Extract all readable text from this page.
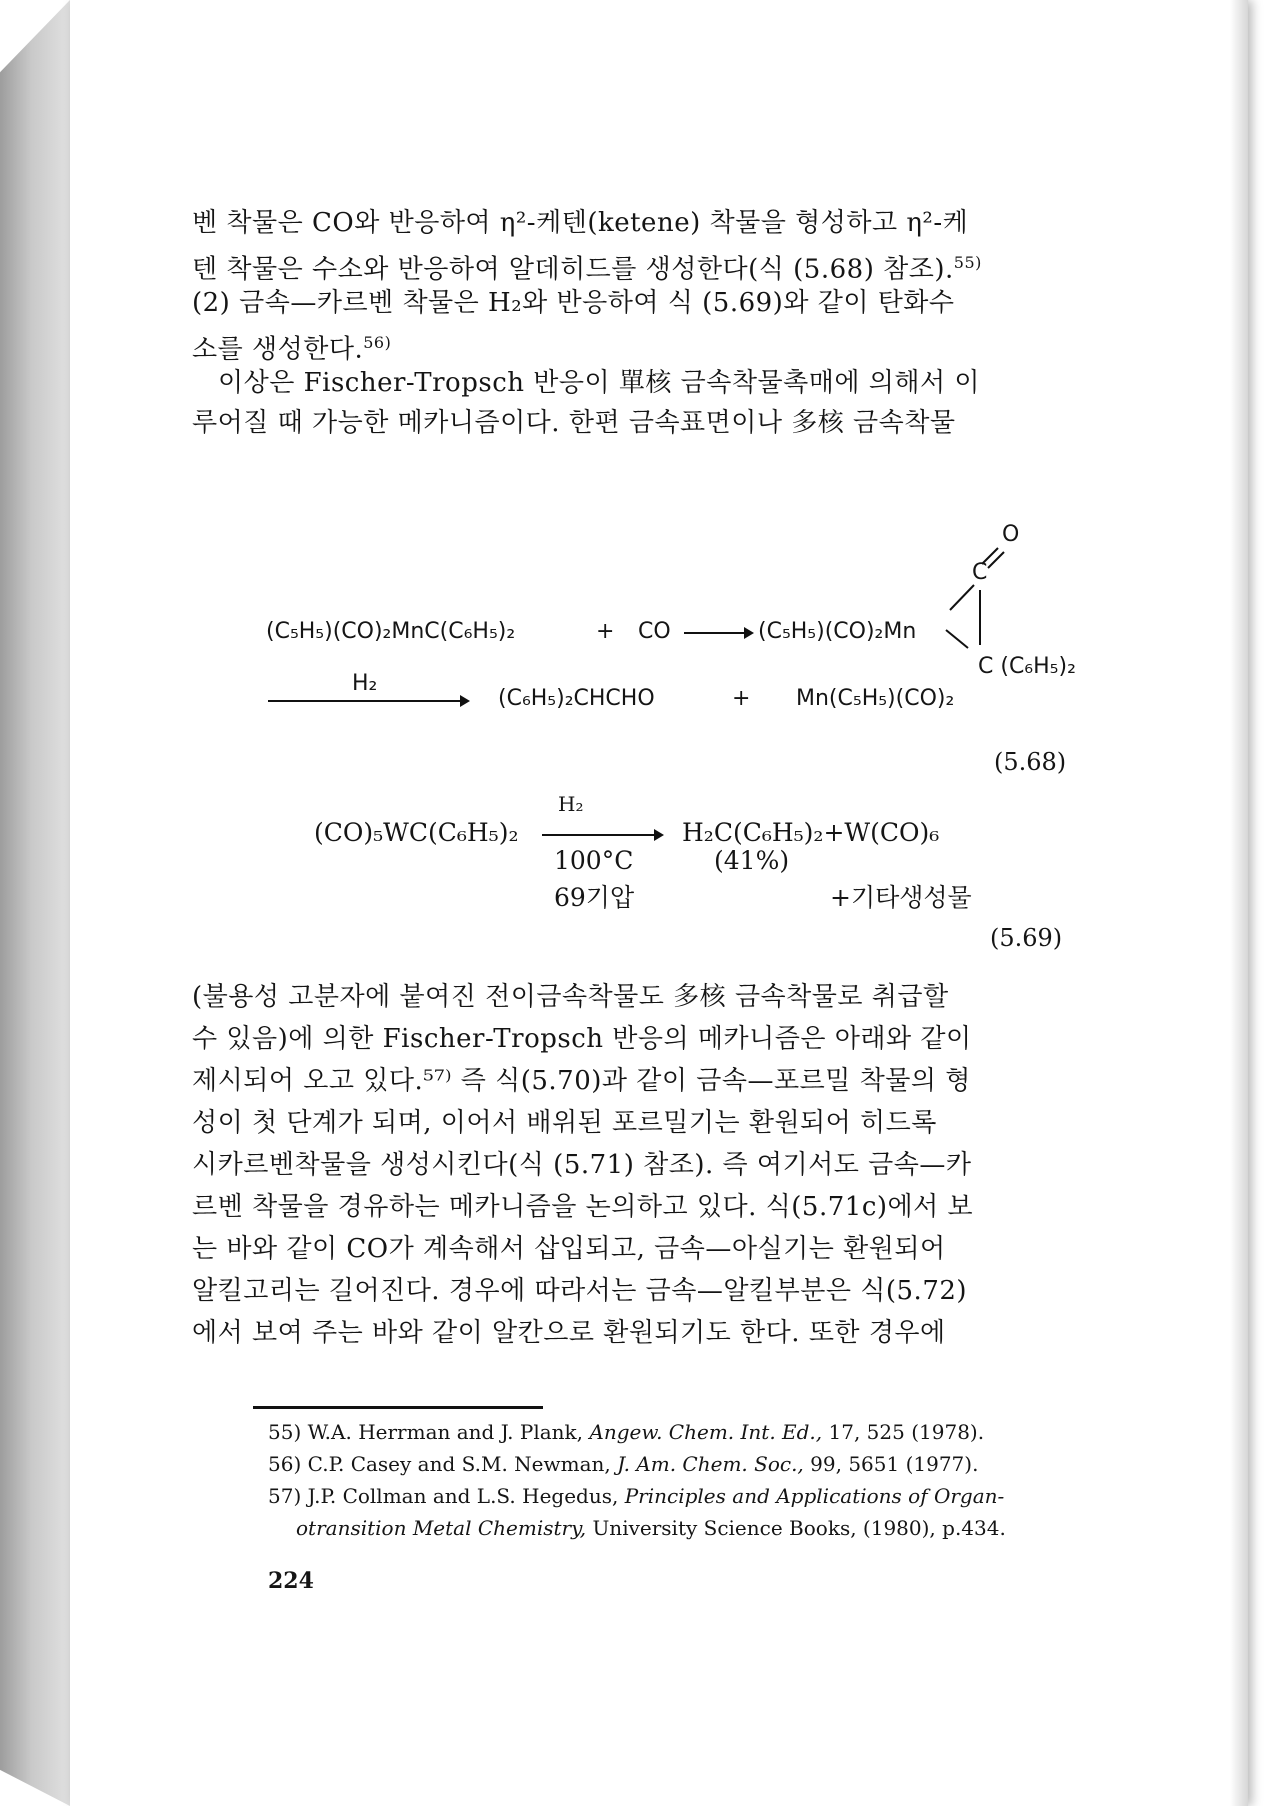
벤 착물은 CO와 반응하여 η²-케텐(ketene) 착물을 형성하고 η²-케
텐 착물은 수소와 반응하여 알데히드를 생성한다(식 (5.68) 참조).$^{55)}$
(2) 금속—카르벤 착물은 H₂와 반응하여 식 (5.69)와 같이 탄화수
소를 생성한다.$^{56)}$
이상은 Fischer-Tropsch 반응이 單核 금속착물촉매에 의해서 이
루어질 때 가능한 메카니즘이다. 한편 금속표면이나 多核 금속착물
O
C
(C₅H₅)(CO)₂MnC(C₆H₅)₂	+ CO	(C₅H₅)(CO)₂Mn
C (C₆H₅)₂
H₂
(C₆H₅)₂CHCHO	+ Mn(C₅H₅)(CO)₂
(5.68)
H₂
(CO)₅WC(C₆H₅)₂	H₂C(C₆H₅)₂+W(CO)₆
100°C	(41%)
69기압	+기타생성물
(5.69)
(불용성 고분자에 붙여진 전이금속착물도 多核 금속착물로 취급할
수 있음)에 의한 Fischer-Tropsch 반응의 메카니즘은 아래와 같이
제시되어 오고 있다.⁵⁷⁾ 즉 식(5.70)과 같이 금속—포르밀 착물의 형
성이 첫 단계가 되며, 이어서 배위된 포르밀기는 환원되어 히드록
시카르벤착물을 생성시킨다(식 (5.71) 참조). 즉 여기서도 금속—카
르벤 착물을 경유하는 메카니즘을 논의하고 있다. 식(5.71c)에서 보
는 바와 같이 CO가 계속해서 삽입되고, 금속—아실기는 환원되어
알킬고리는 길어진다. 경우에 따라서는 금속—알킬부분은 식(5.72)
에서 보여 주는 바와 같이 알칸으로 환원되기도 한다. 또한 경우에
55) W.A. Herrman and J. Plank, Angew. Chem. Int. Ed., 17, 525 (1978).
56) C.P. Casey and S.M. Newman, J. Am. Chem. Soc., 99, 5651 (1977).
57) J.P. Collman and L.S. Hegedus, Principles and Applications of Organ-
otransition Metal Chemistry, University Science Books, (1980), p.434.
224
